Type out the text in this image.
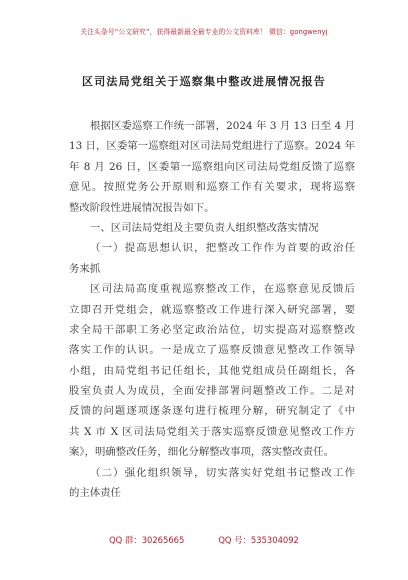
关注头条号“公文研究”，获得最新最全最专业的公文资料库！ 微信：gongwenyj
区司法局党组关于巡察集中整改进展情况报告
根据区委巡察工作统一部署，2024 年 3 月 13 日至 4 月
13 日，区委第一巡察组对区司法局党组进行了巡察。2024 年
年 8 月 26 日，区委第一巡察组向区司法局党组反馈了巡察
意见。按照党务公开原则和巡察工作有关要求，现将巡察
整改阶段性进展情况报告如下。
一、区司法局党组及主要负责人组织整改落实情况
（一）提高思想认识，把整改工作作为首要的政治任
务来抓
区司法局高度重视巡察整改工作，在巡察意见反馈后
立即召开党组会，就巡察整改工作进行深入研究部署，要
求全局干部职工务必坚定政治站位，切实提高对巡察整改
落实工作的认识。一是成立了巡察反馈意见整改工作领导
小组，由局党组书记任组长，其他党组成员任副组长，各
股室负责人为成员，全面安排部署问题整改工作。二是对
反馈的问题逐项逐条逐句进行梳理分解，研究制定了《中
共 X 市 X 区司法局党组关于落实巡察反馈意见整改工作方
案》，明确整改任务，细化分解整改事项，落实整改责任。
（二）强化组织领导，切实落实好党组书记整改工作
的主体责任
QQ 群：30265665	QQ 号：535304092
